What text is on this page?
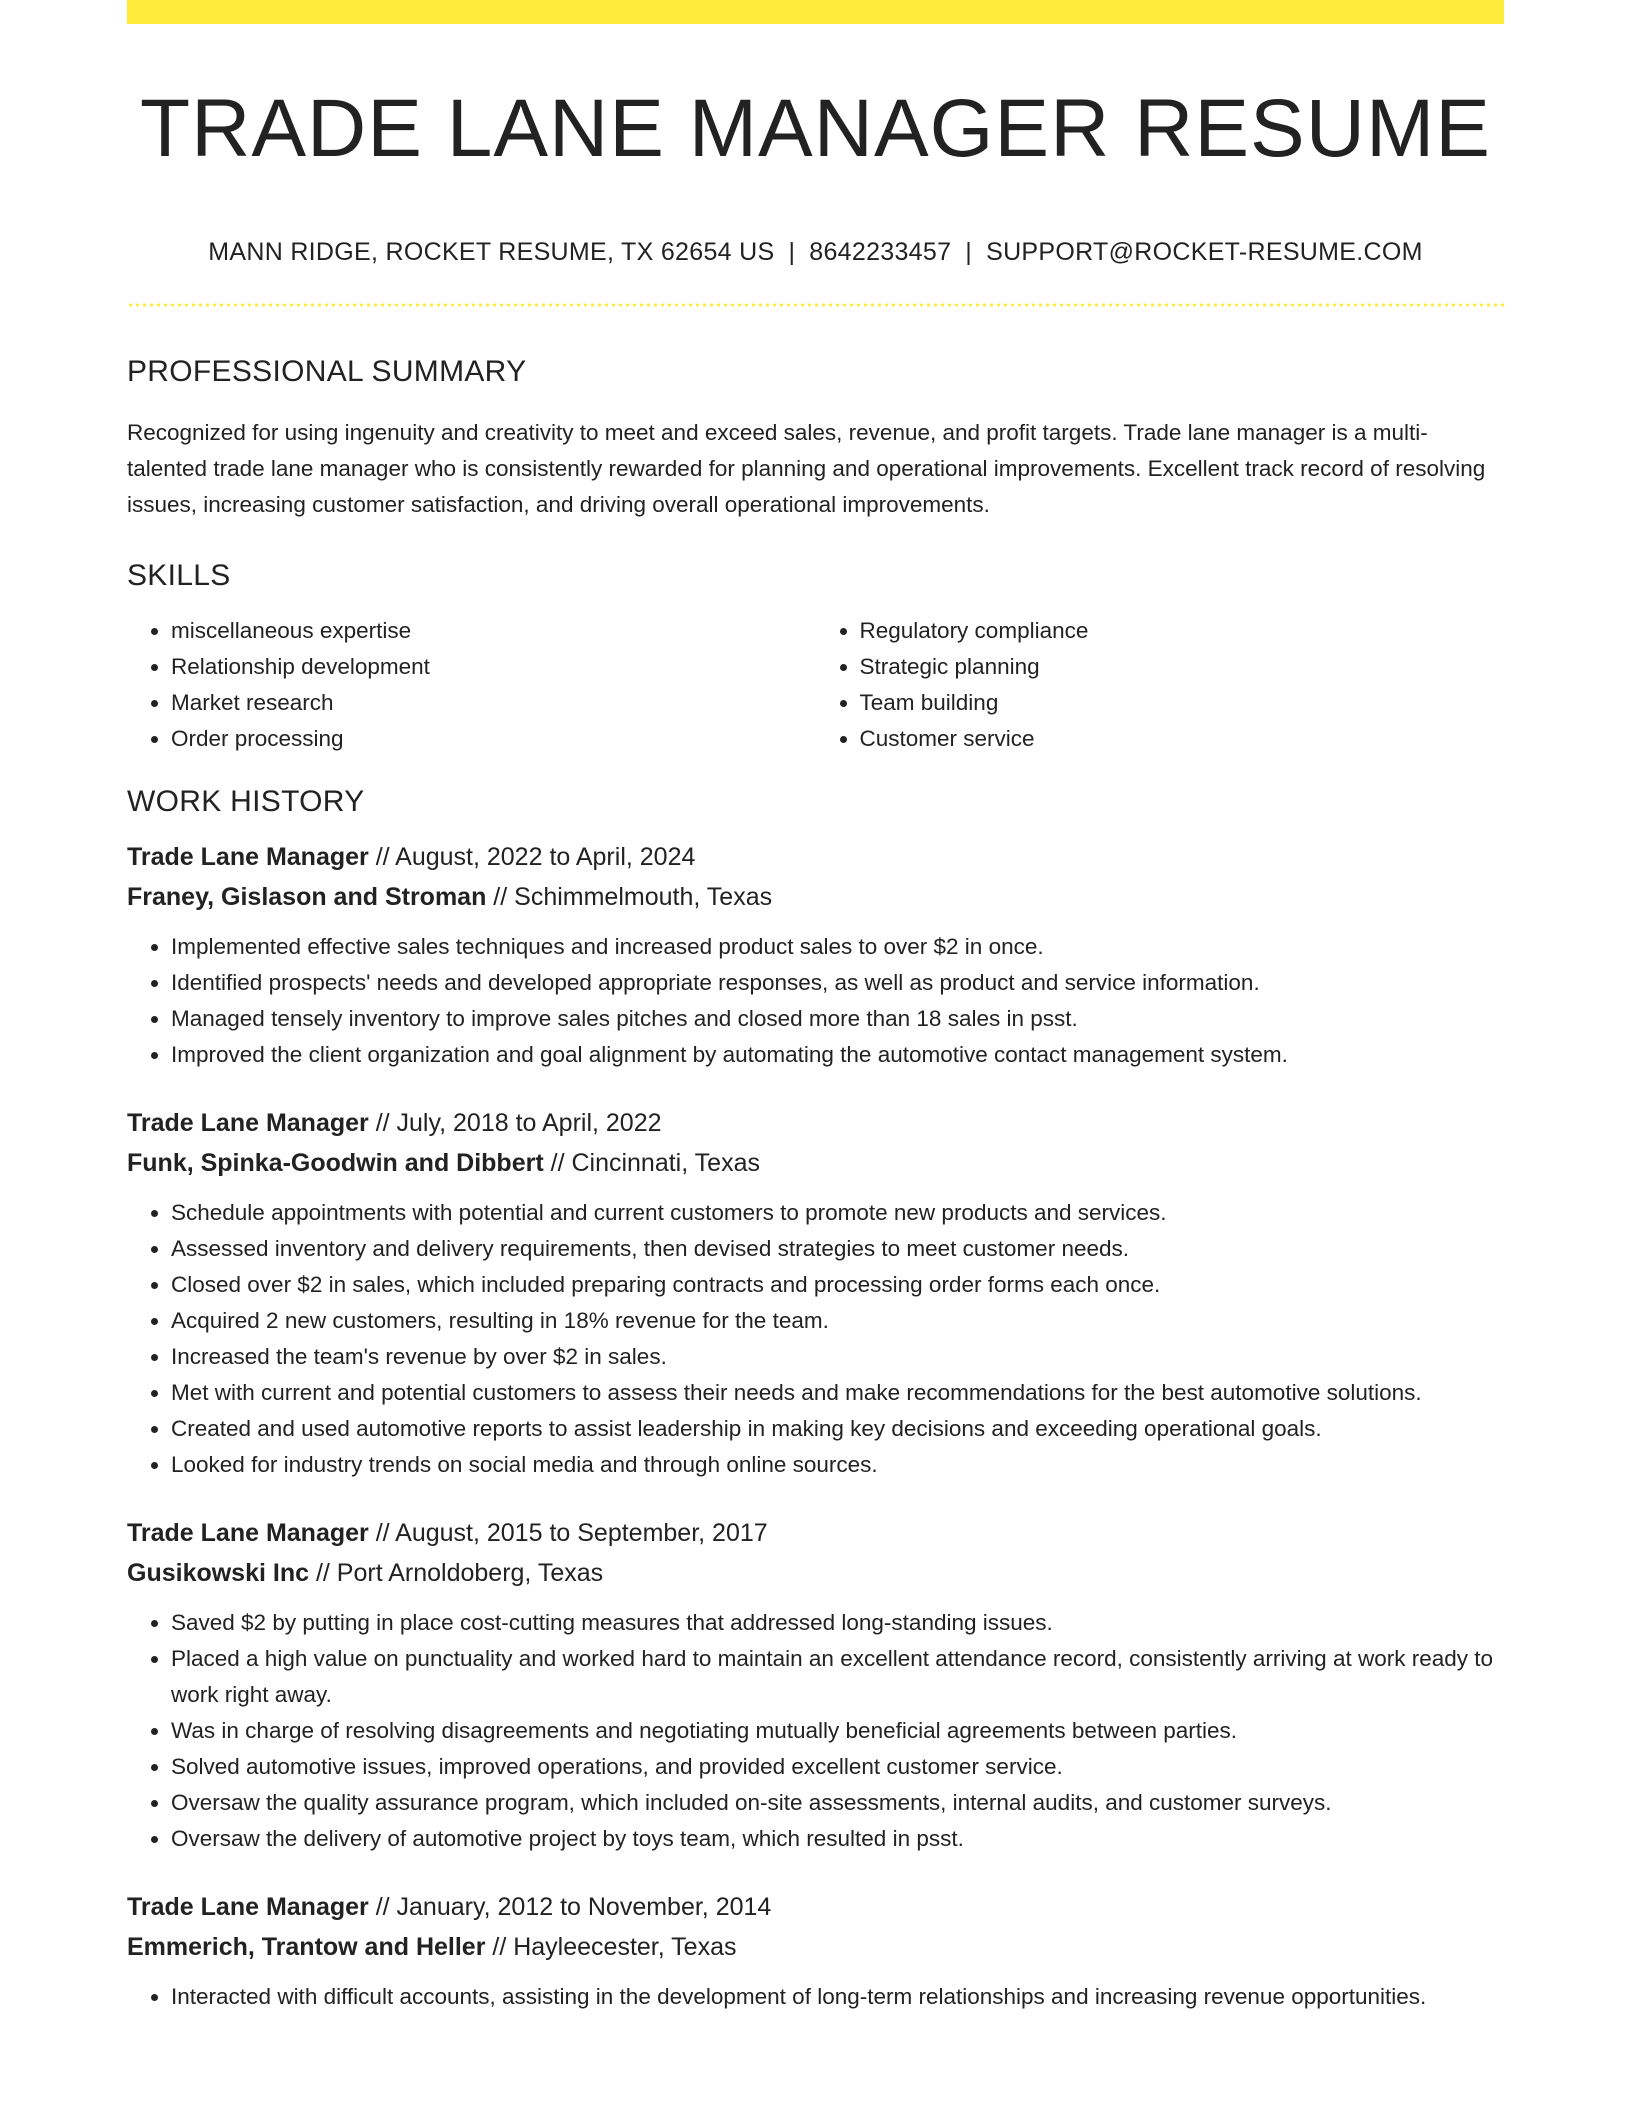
TRADE LANE MANAGER RESUME
MANN RIDGE, ROCKET RESUME, TX 62654 US | 8642233457 | SUPPORT@ROCKET-RESUME.COM
PROFESSIONAL SUMMARY

Recognized for using ingenuity and creativity to meet and exceed sales, revenue, and profit targets. Trade lane manager is a multi-talented trade lane manager who is consistently rewarded for planning and operational improvements. Excellent track record of resolving issues, increasing customer satisfaction, and driving overall operational improvements.

SKILLS
• miscellaneous expertise
• Relationship development
• Market research
• Order processing
• Regulatory compliance
• Strategic planning
• Team building
• Customer service
WORK HISTORY
Trade Lane Manager // August, 2022 to April, 2024
Franey, Gislason and Stroman // Schimmelmouth, Texas
• Implemented effective sales techniques and increased product sales to over $2 in once.
• Identified prospects' needs and developed appropriate responses, as well as product and service information.
• Managed tensely inventory to improve sales pitches and closed more than 18 sales in psst.
• Improved the client organization and goal alignment by automating the automotive contact management system.
Trade Lane Manager // July, 2018 to April, 2022
Funk, Spinka-Goodwin and Dibbert // Cincinnati, Texas
• Schedule appointments with potential and current customers to promote new products and services.
• Assessed inventory and delivery requirements, then devised strategies to meet customer needs.
• Closed over $2 in sales, which included preparing contracts and processing order forms each once.
• Acquired 2 new customers, resulting in 18% revenue for the team.
• Increased the team's revenue by over $2 in sales.
• Met with current and potential customers to assess their needs and make recommendations for the best automotive solutions.
• Created and used automotive reports to assist leadership in making key decisions and exceeding operational goals.
• Looked for industry trends on social media and through online sources.
Trade Lane Manager // August, 2015 to September, 2017
Gusikowski Inc // Port Arnoldoberg, Texas
• Saved $2 by putting in place cost-cutting measures that addressed long-standing issues.
• Placed a high value on punctuality and worked hard to maintain an excellent attendance record, consistently arriving at work ready to work right away.
• Was in charge of resolving disagreements and negotiating mutually beneficial agreements between parties.
• Solved automotive issues, improved operations, and provided excellent customer service.
• Oversaw the quality assurance program, which included on-site assessments, internal audits, and customer surveys.
• Oversaw the delivery of automotive project by toys team, which resulted in psst.
Trade Lane Manager // January, 2012 to November, 2014
Emmerich, Trantow and Heller // Hayleecester, Texas
• Interacted with difficult accounts, assisting in the development of long-term relationships and increasing revenue opportunities.
